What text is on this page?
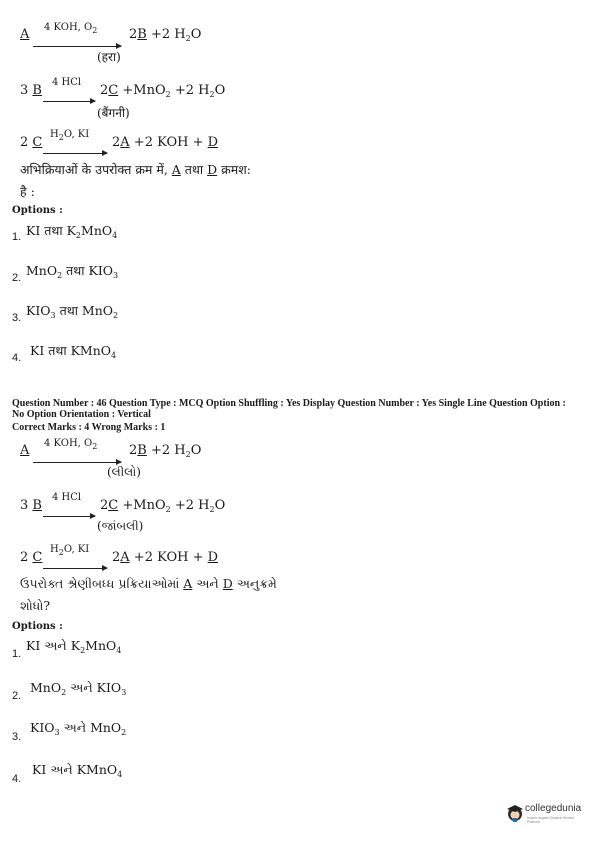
A 4 KOH, $O_2$ 2B +2 $H_2O$
(हरा)
3 B
4 HCl
2C +MnO$_2$ +2 $H_2O$
(बैंगनी)
2 C
$H_2O$, KI
2A +2 KOH + D
अभिक्रियाओं के उपरोक्त क्रम में, A तथा D क्रमश:
है :
Options :
1. KI तथा $K_2MnO_4$
2. MnO$_2$ तथा $KIO_3$
3. $KIO_3$ तथा MnO$_2$
4. KI तथा KMnO$_4$
Question Number : 46 Question Type : MCQ Option Shuffling : Yes Display Question Number : Yes Single Line Question Option :
No Option Orientation : Vertical
Correct Marks : 4 Wrong Marks : 1
A 4 KOH, $O_2$ 2B +2 $H_2O$
(લીલો)
3 B
4 HCl
2C +MnO$_2$ +2 $H_2O$
(જાંબલી)
2 C
$H_2O$, KI
2A +2 KOH + D
ઉપરોક્ત શ્રેણીબધ્ધ પ્રક્રિયાઓમાં A અને D અનુક્રમે
શોધો?
Options :
1.
KI અને $K_2MnO_4$
2.
MnO$_2$ અને $KIO_3$
3.
$KIO_3$ અને MnO$_2$
4.
KI અને KMnO$_4$
collegedunia
India's largest Student Review Platform
